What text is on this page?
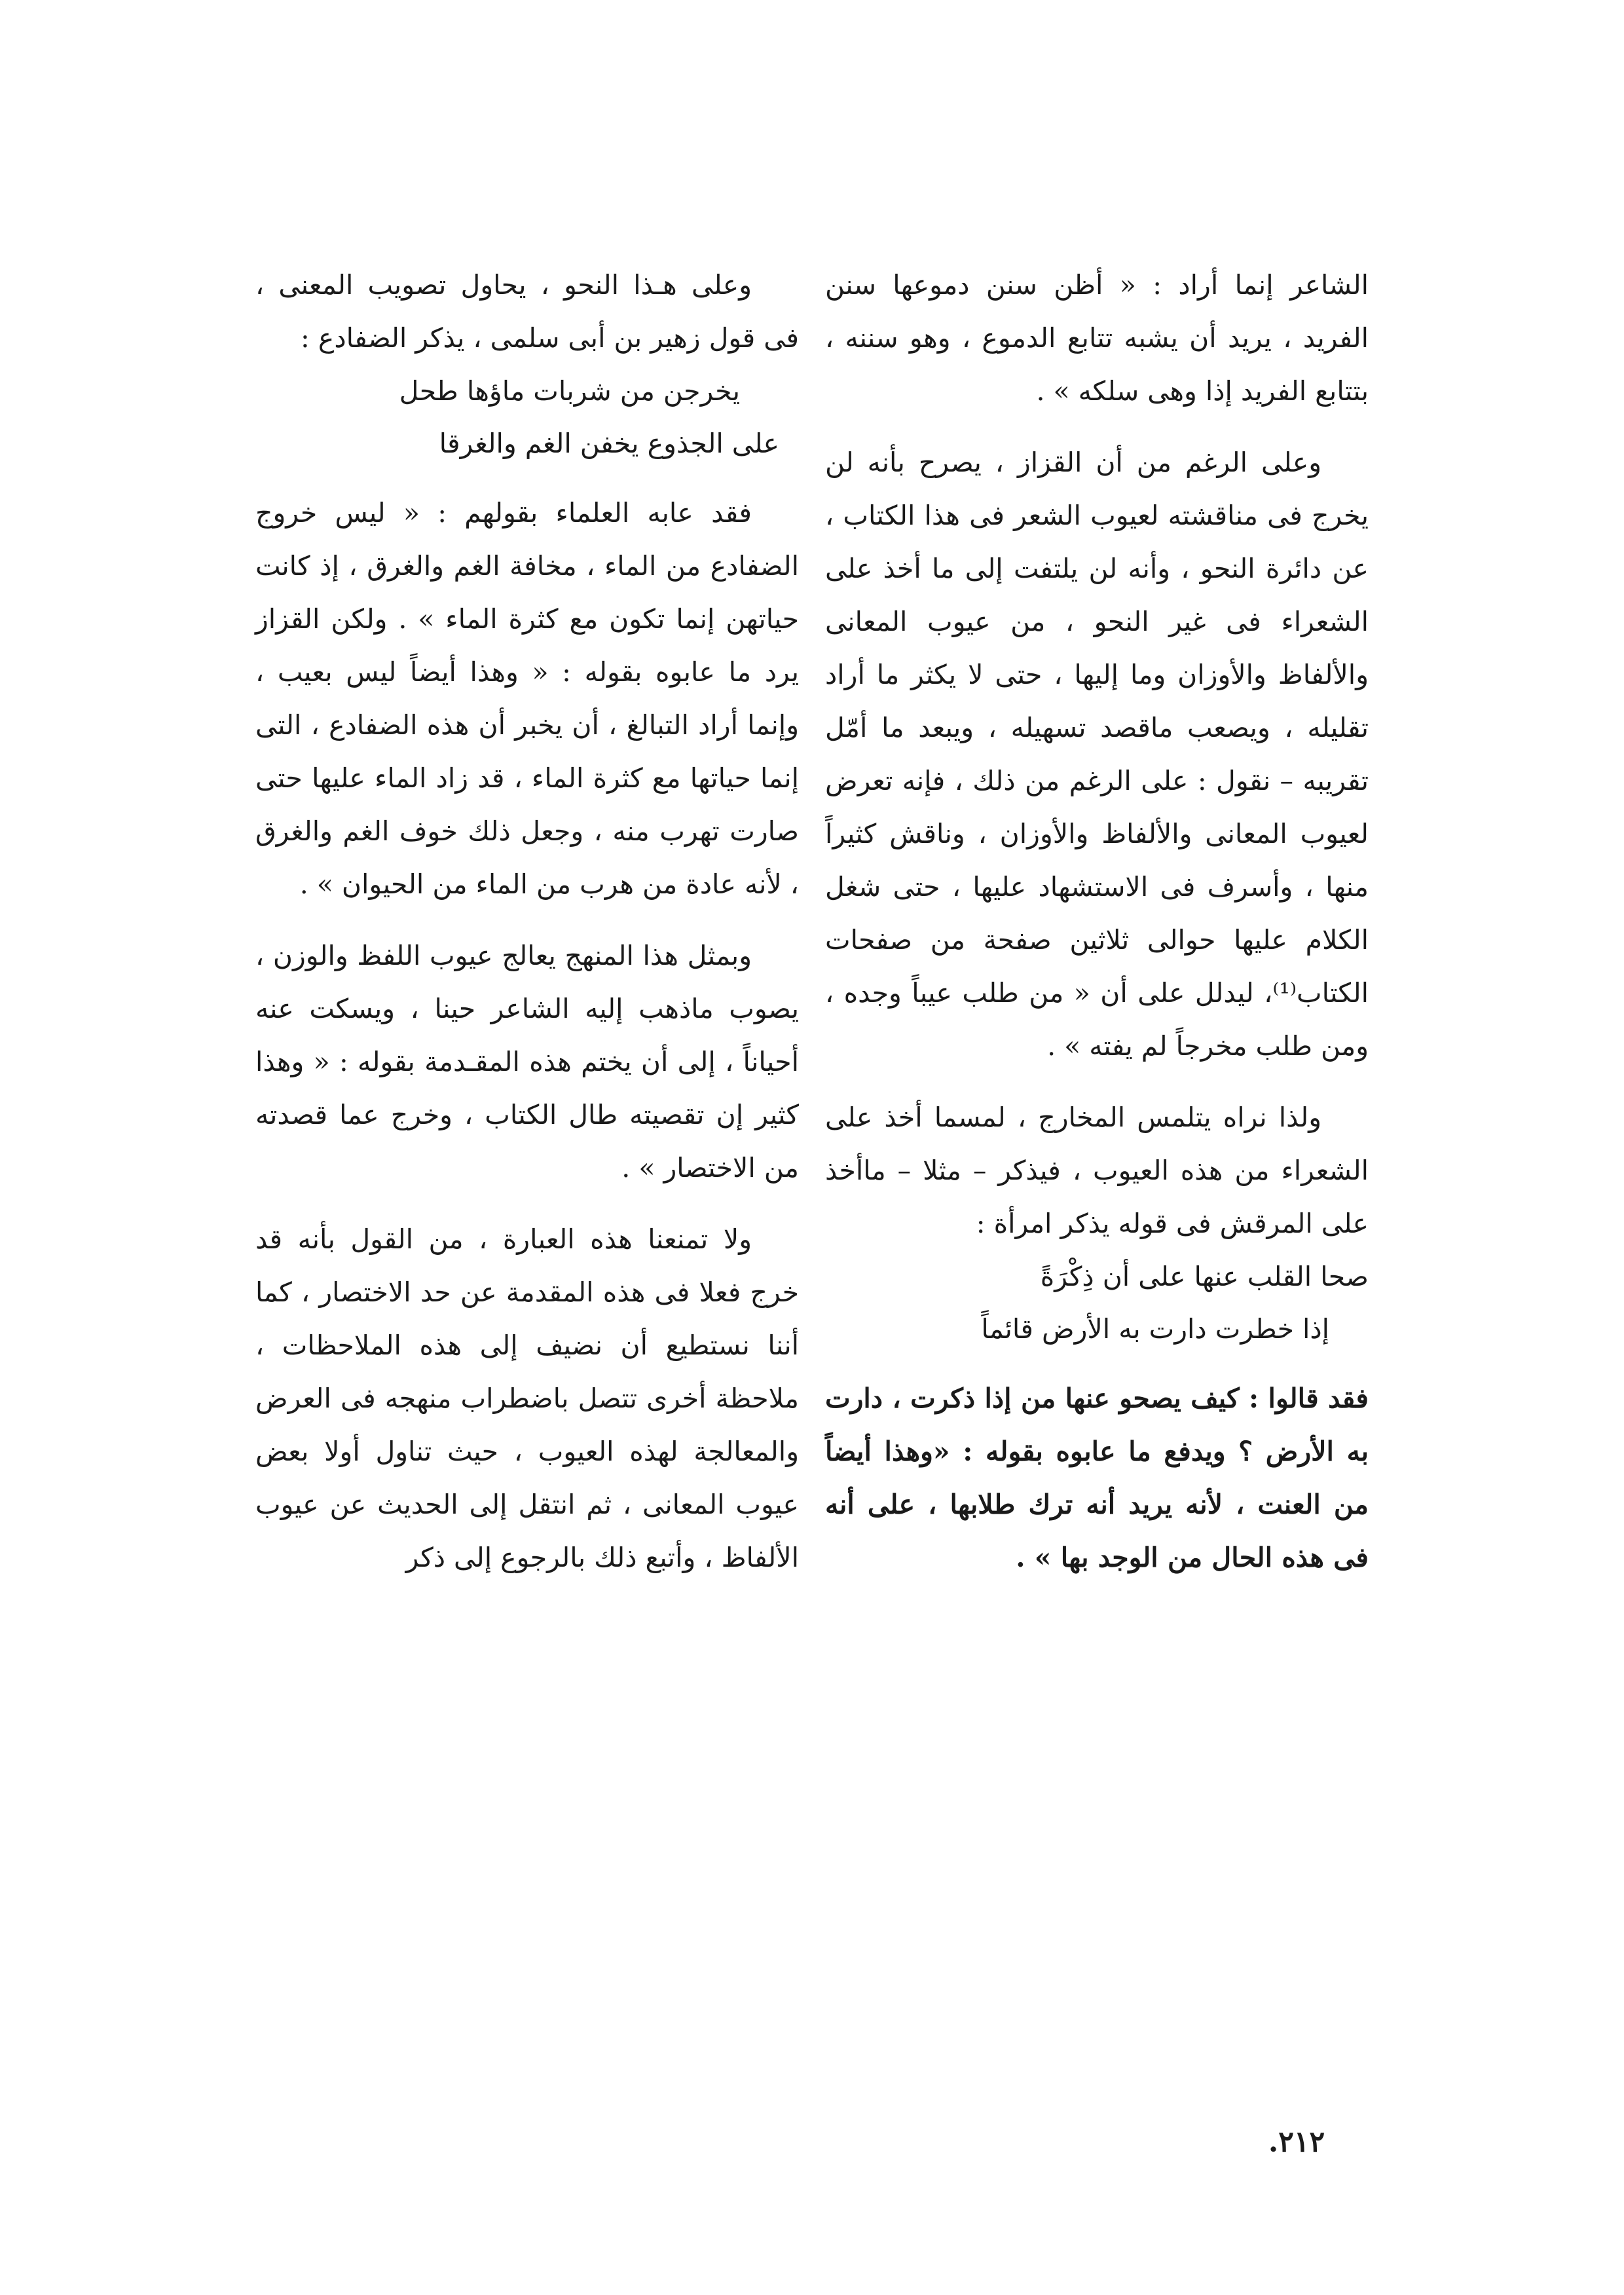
الشاعر إنما أراد : « أظن سنن دموعها سنن الفريد ، يريد أن يشبه تتابع الدموع ، وهو سننه ، بتتابع الفريد إذا وهى سلكه » .

وعلى الرغم من أن القزاز ، يصرح بأنه لن يخرج فى مناقشته لعيوب الشعر فى هذا الكتاب ، عن دائرة النحو ، وأنه لن يلتفت إلى ما أخذ على الشعراء فى غير النحو ، من عيوب المعانى والألفاظ والأوزان وما إليها ، حتى لا يكثر ما أراد تقليله ، ويصعب ماقصد تسهيله ، ويبعد ما أمّل تقريبه – نقول : على الرغم من ذلك ، فإنه تعرض لعيوب المعانى والألفاظ والأوزان ، وناقش كثيراً منها ، وأسرف فى الاستشهاد عليها ، حتى شغل الكلام عليها حوالى ثلاثين صفحة من صفحات الكتاب⁽¹⁾، ليدلل على أن « من طلب عيباً وجده ، ومن طلب مخرجاً لم يفته » .

ولذا نراه يتلمس المخارج ، لمسما أخذ على الشعراء من هذه العيوب ، فيذكر – مثلا – ماأخذ على المرقش فى قوله يذكر امرأة :

صحا القلب عنها على أن ذِكْرَةً

إذا خطرت دارت به الأرض قائماً

فقد قالوا : كيف يصحو عنها من إذا ذكرت ، دارت به الأرض ؟ ويدفع ما عابوه بقوله : «وهذا أيضاً من العنت ، لأنه يريد أنه ترك طلابها ، على أنه فى هذه الحال من الوجد بها » .

وعلى هـذا النحو ، يحاول تصويب المعنى ، فى قول زهير بن أبى سلمى ، يذكر الضفادع :

يخرجن من شربات ماؤها طحل

على الجذوع يخفن الغم والغرقا

فقد عابه العلماء بقولهم : « ليس خروج الضفادع من الماء ، مخافة الغم والغرق ، إذ كانت حياتهن إنما تكون مع كثرة الماء » . ولكن القزاز يرد ما عابوه بقوله : « وهذا أيضاً ليس بعيب ، وإنما أراد التبالغ ، أن يخبر أن هذه الضفادع ، التى إنما حياتها مع كثرة الماء ، قد زاد الماء عليها حتى صارت تهرب منه ، وجعل ذلك خوف الغم والغرق ، لأنه عادة من هرب من الماء من الحيوان » .

وبمثل هذا المنهج يعالج عيوب اللفظ والوزن ، يصوب ماذهب إليه الشاعر حينا ، ويسكت عنه أحياناً ، إلى أن يختم هذه المقـدمة بقوله : « وهذا كثير إن تقصيته طال الكتاب ، وخرج عما قصدته من الاختصار » .

ولا تمنعنا هذه العبارة ، من القول بأنه قد خرج فعلا فى هذه المقدمة عن حد الاختصار ، كما أننا نستطيع أن نضيف إلى هذه الملاحظات ، ملاحظة أخرى تتصل باضطراب منهجه فى العرض والمعالجة لهذه العيوب ، حيث تناول أولا بعض عيوب المعانى ، ثم انتقل إلى الحديث عن عيوب الألفاظ ، وأتبع ذلك بالرجوع إلى ذكر

٢١٢.
